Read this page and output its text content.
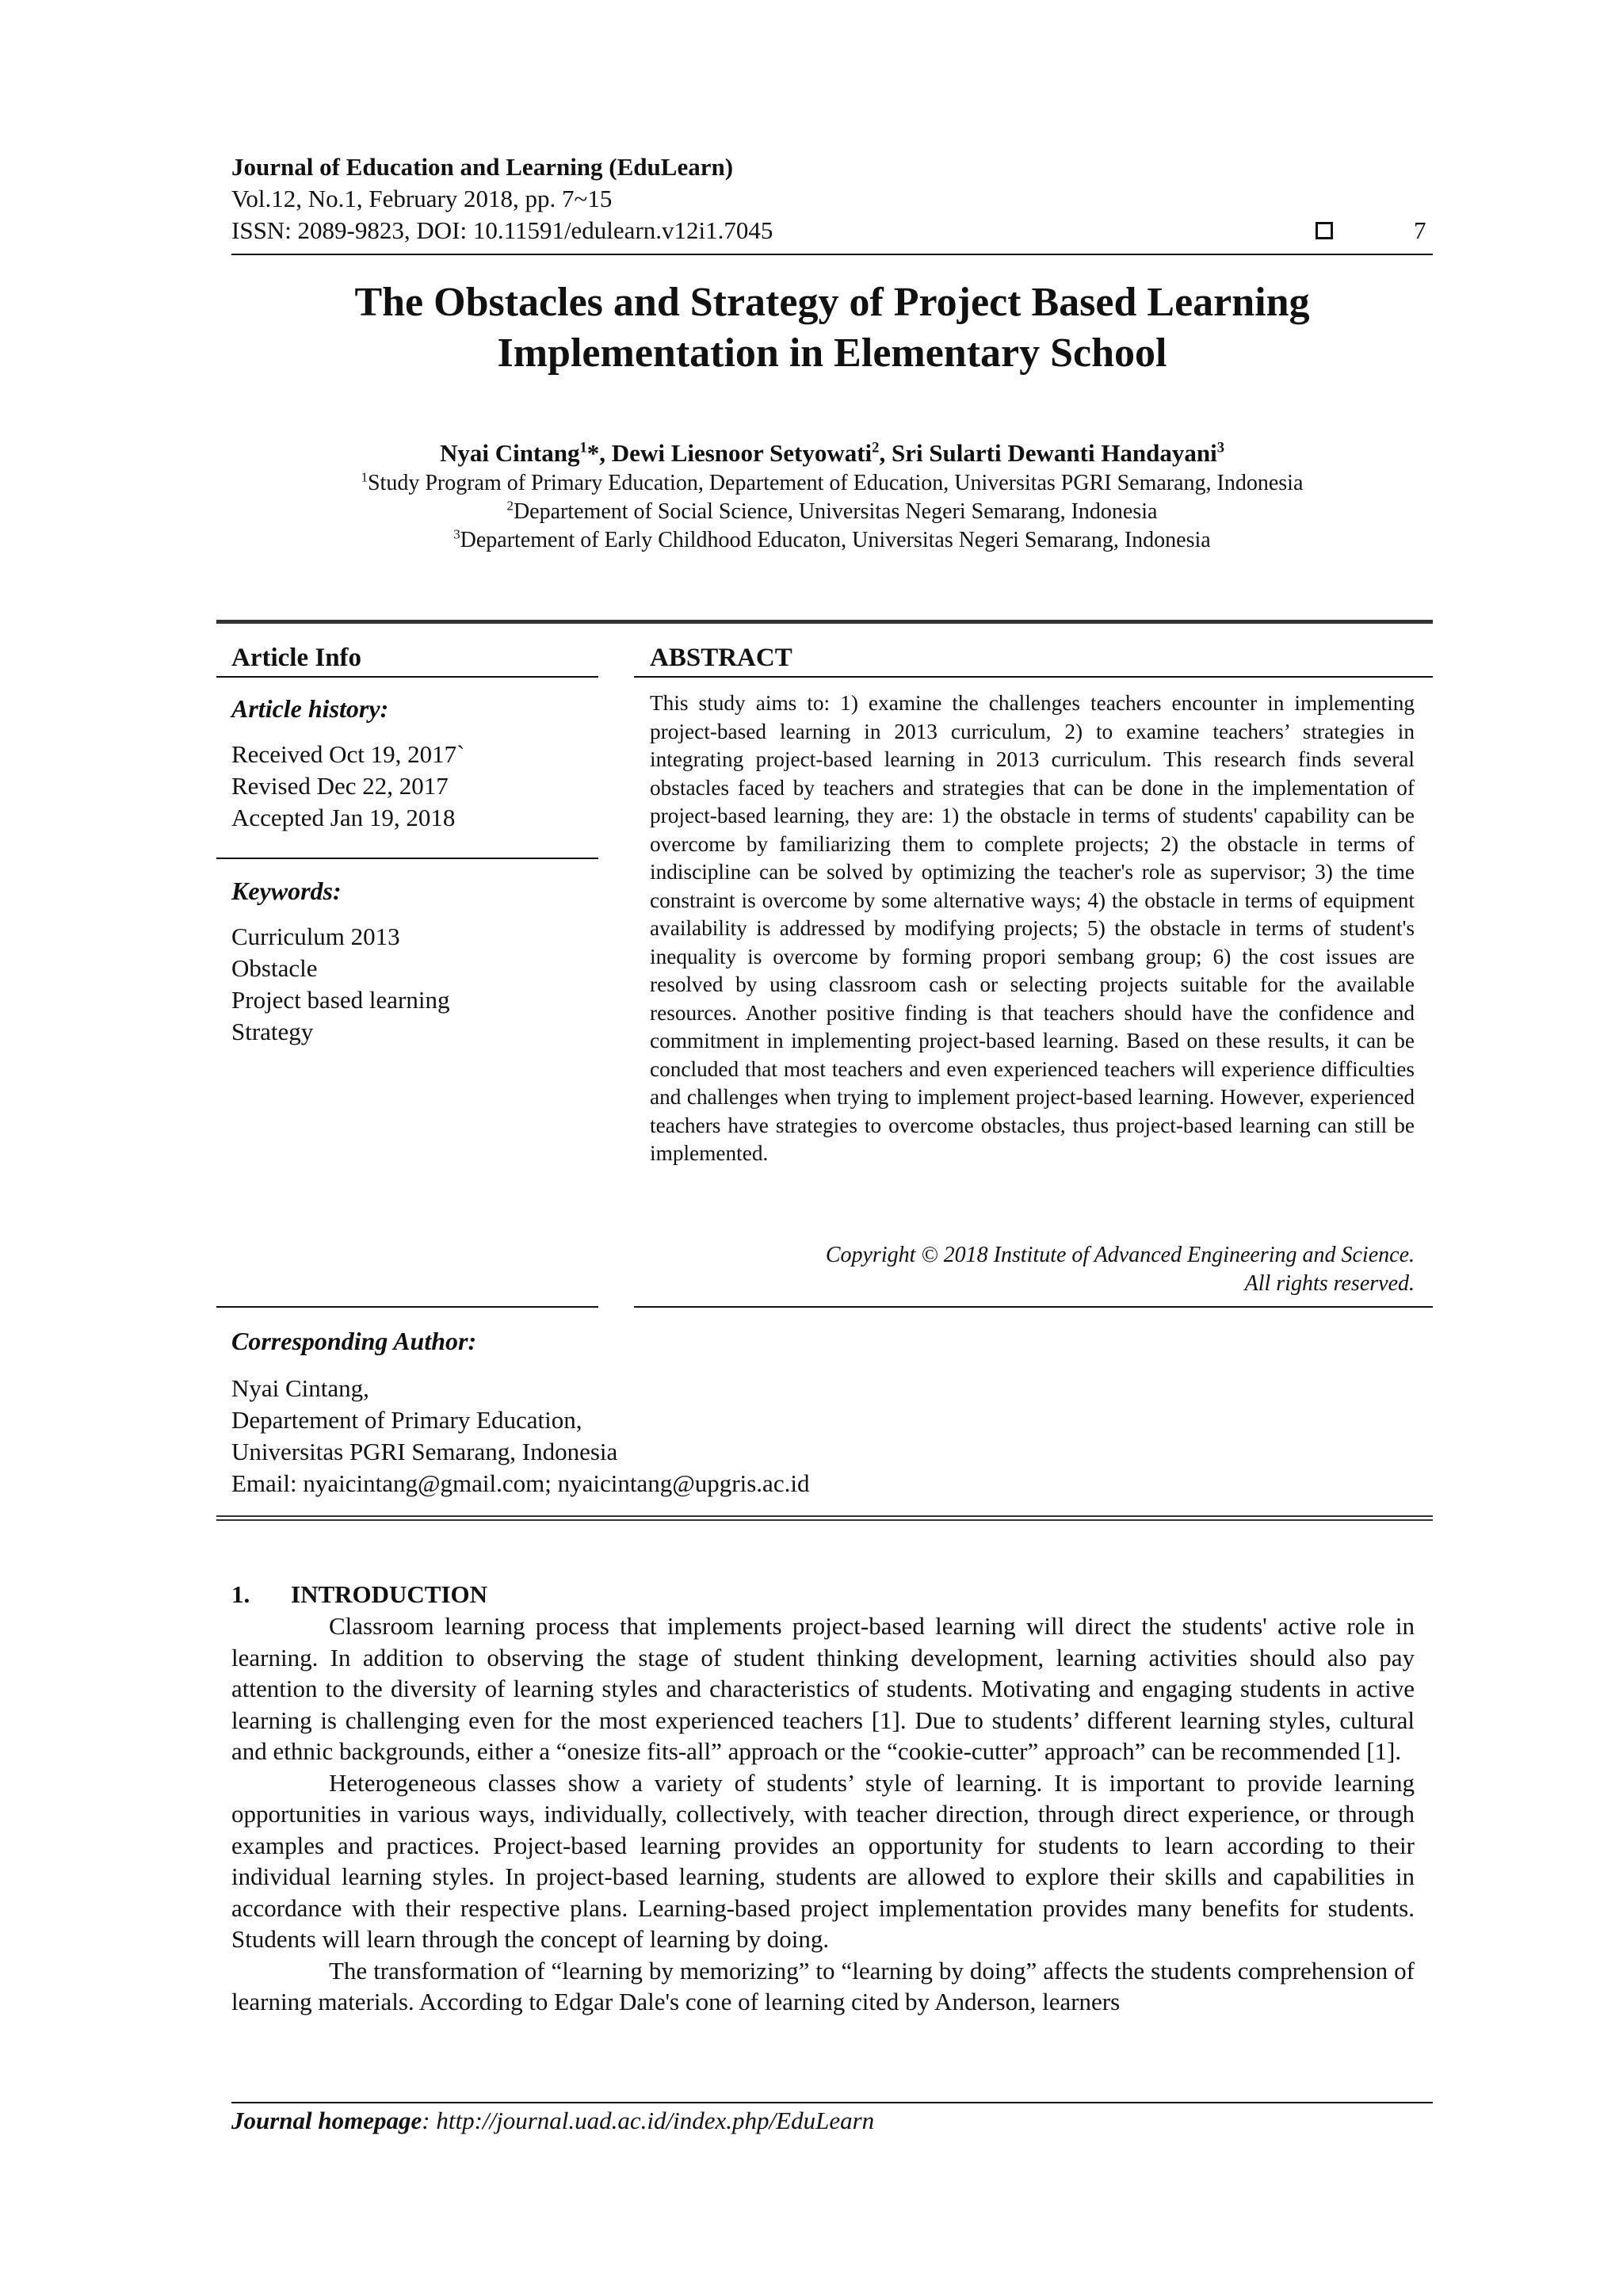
Journal of Education and Learning (EduLearn)
Vol.12, No.1, February 2018, pp. 7~15
ISSN: 2089-9823, DOI: 10.11591/edulearn.v12i1.7045	7
The Obstacles and Strategy of Project Based Learning
Implementation in Elementary School
Nyai Cintang$^1$*, Dewi Liesnoor Setyowati$^2$, Sri Sularti Dewanti Handayani$^3$
$^1$Study Program of Primary Education, Departement of Education, Universitas PGRI Semarang, Indonesia
$^2$Departement of Social Science, Universitas Negeri Semarang, Indonesia
$^3$Departement of Early Childhood Educaton, Universitas Negeri Semarang, Indonesia
Article Info	ABSTRACT
Article history:
Received Oct 19, 2017`
Revised Dec 22, 2017
Accepted Jan 19, 2018
Keywords:
Curriculum 2013
Obstacle
Project based learning
Strategy
This study aims to: 1) examine the challenges teachers encounter in implementing project-based learning in 2013 curriculum, 2) to examine teachers’ strategies in integrating project-based learning in 2013 curriculum. This research finds several obstacles faced by teachers and strategies that can be done in the implementation of project-based learning, they are: 1) the obstacle in terms of students' capability can be overcome by familiarizing them to complete projects; 2) the obstacle in terms of indiscipline can be solved by optimizing the teacher's role as supervisor; 3) the time constraint is overcome by some alternative ways; 4) the obstacle in terms of equipment availability is addressed by modifying projects; 5) the obstacle in terms of student's inequality is overcome by forming propori sembang group; 6) the cost issues are resolved by using classroom cash or selecting projects suitable for the available resources. Another positive finding is that teachers should have the confidence and commitment in implementing project-based learning. Based on these results, it can be concluded that most teachers and even experienced teachers will experience difficulties and challenges when trying to implement project-based learning. However, experienced teachers have strategies to overcome obstacles, thus project-based learning can still be implemented.
Copyright © 2018 Institute of Advanced Engineering and Science.
All rights reserved.
Corresponding Author:
Nyai Cintang,
Departement of Primary Education,
Universitas PGRI Semarang, Indonesia
Email: nyaicintang@gmail.com; nyaicintang@upgris.ac.id
1. INTRODUCTION

Classroom learning process that implements project-based learning will direct the students' active role in learning. In addition to observing the stage of student thinking development, learning activities should also pay attention to the diversity of learning styles and characteristics of students. Motivating and engaging students in active learning is challenging even for the most experienced teachers [1]. Due to students’ different learning styles, cultural and ethnic backgrounds, either a “onesize fits-all” approach or the “cookie-cutter” approach” can be recommended [1].

Heterogeneous classes show a variety of students’ style of learning. It is important to provide learning opportunities in various ways, individually, collectively, with teacher direction, through direct experience, or through examples and practices. Project-based learning provides an opportunity for students to learn according to their individual learning styles. In project-based learning, students are allowed to explore their skills and capabilities in accordance with their respective plans. Learning-based project implementation provides many benefits for students. Students will learn through the concept of learning by doing.

The transformation of “learning by memorizing” to “learning by doing” affects the students comprehension of learning materials. According to Edgar Dale's cone of learning cited by Anderson, learners

Journal homepage: http://journal.uad.ac.id/index.php/EduLearn
